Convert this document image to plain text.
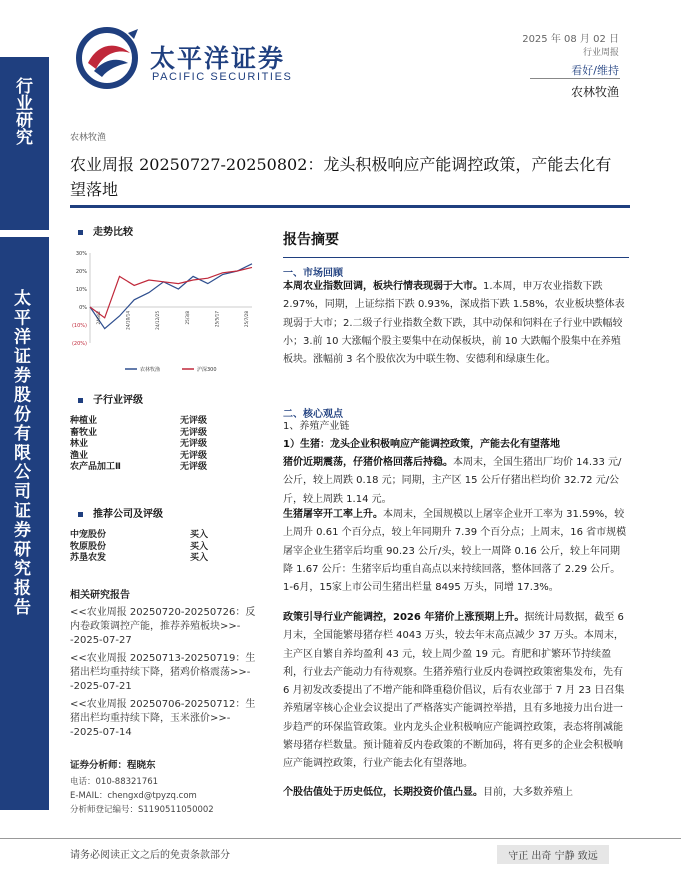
行业研究
太平洋证券股份有限公司证券研究报告
太平洋证券
PACIFIC SECURITIES
2025 年 08 月 02 日
行业周报
看好/维持
农林牧渔
农林牧渔
农业周报 20250727-20250802：龙头积极响应产能调控政策，产能去化有望落地
走势比较
30%
20%
10%
0%
(10%)
(20%)
24/8/2	24/10/14	24/12/25	25/3/8	25/5/17	25/7/28
农林牧渔	沪深300
子行业评级
种植业	无评级
畜牧业	无评级
林业	无评级
渔业	无评级
农产品加工Ⅱ	无评级
推荐公司及评级
中宠股份	买入
牧原股份	买入
苏垦农发	买入
相关研究报告
<<农业周报 20250720-20250726：反内卷政策调控产能，推荐养殖板块>>--2025-07-27
<<农业周报 20250713-20250719：生猪出栏均重持续下降，猪鸡价格震荡>>--2025-07-21
<<农业周报 20250706-20250712：生猪出栏均重持续下降，玉米涨价>>--2025-07-14
证券分析师：程晓东
电话：010-88321761
E-MAIL：chengxd@tpyzq.com
分析师登记编号：S1190511050002
报告摘要
一、市场回顾
本周农业指数回调，板块行情表现弱于大市。1.本周，申万农业指数下跌 2.97%，同期，上证综指下跌 0.93%，深成指下跌 1.58%，农业板块整体表现弱于大市；2.二级子行业指数全数下跌，其中动保和饲料在子行业中跌幅较小；3.前 10 大涨幅个股主要集中在动保板块，前 10 大跌幅个股集中在养殖板块。涨幅前 3 名个股依次为中联生物、安德利和绿康生化。
二、核心观点
1、养殖产业链
1）生猪：龙头企业积极响应产能调控政策，产能去化有望落地
猪价近期震荡，仔猪价格回落后持稳。本周末，全国生猪出厂均价 14.33 元/公斤，较上周跌 0.18 元；同期，主产区 15 公斤仔猪出栏均价 32.72 元/公斤，较上周跌 1.14 元。
生猪屠宰开工率上升。本周末，全国规模以上屠宰企业开工率为 31.59%，较上周升 0.61 个百分点，较上年同期升 7.39 个百分点；上周末，16 省市规模屠宰企业生猪宰后均重 90.23 公斤/头，较上一周降 0.16 公斤，较上年同期降 1.67 公斤：生猪宰后均重自高点以来持续回落，整体回落了 2.29 公斤。1-6月，15家上市公司生猪出栏量 8495 万头，同增 17.3%。
政策引导行业产能调控，2026 年猪价上涨预期上升。据统计局数据，截至 6 月末，全国能繁母猪存栏 4043 万头，较去年末高点减少 37 万头。本周末，主产区自繁自养均盈利 43 元，较上周少盈 19 元。育肥和扩繁环节持续盈利，行业去产能动力有待观察。生猪养殖行业反内卷调控政策密集发布，先有 6 月初发改委提出了不增产能和降重稳价倡议，后有农业部于 7 月 23 日召集养殖屠宰核心企业会议提出了严格落实产能调控举措，且有多地接力出台进一步趋严的环保监管政策。业内龙头企业积极响应产能调控政策，表态将削减能繁母猪存栏数量。预计随着反内卷政策的不断加码，将有更多的企业会积极响应产能调控政策，行业产能去化有望落地。
个股估值处于历史低位，长期投资价值凸显。目前，大多数养殖上
请务必阅读正文之后的免责条款部分	守正 出奇 宁静 致远
